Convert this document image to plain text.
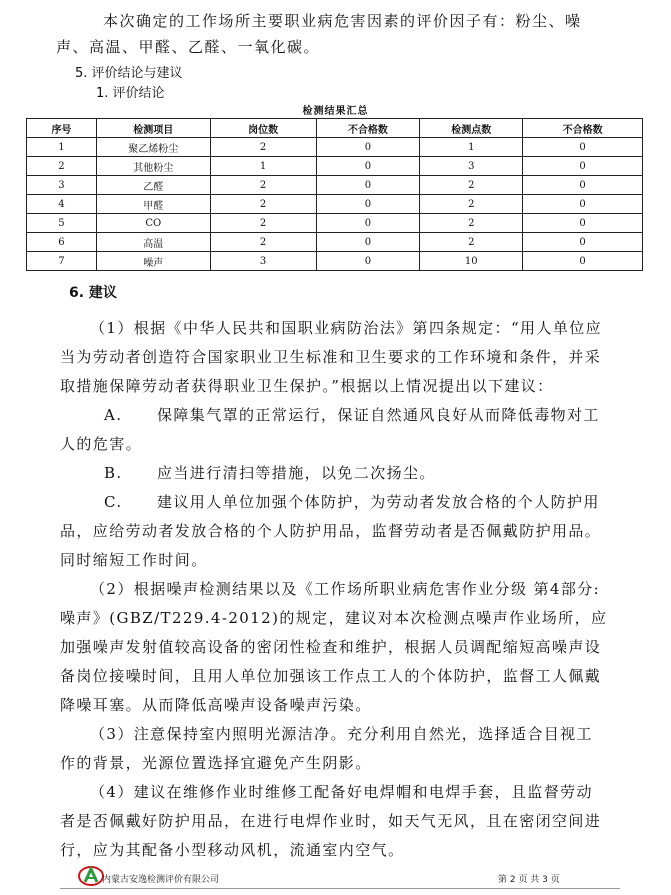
本次确定的工作场所主要职业病危害因素的评价因子有：粉尘、噪声、高温、甲醛、乙醛、一氧化碳。

5. 评价结论与建议
1. 评价结论
检测结果汇总
序号	检测项目	岗位数	不合格数	检测点数	不合格数
1	聚乙烯粉尘	2	0	1	0
2	其他粉尘	1	0	3	0
3	乙醛	2	0	2	0
4	甲醛	2	0	2	0
5	CO	2	0	2	0
6	高温	2	0	2	0
7	噪声	3	0	10	0
6. 建议

（1）根据《中华人民共和国职业病防治法》第四条规定：“用人单位应当为劳动者创造符合国家职业卫生标准和卫生要求的工作环境和条件，并采取措施保障劳动者获得职业卫生保护。”根据以上情况提出以下建议：

A. 保障集气罩的正常运行，保证自然通风良好从而降低毒物对工人的危害。

B. 应当进行清扫等措施，以免二次扬尘。

C. 建议用人单位加强个体防护，为劳动者发放合格的个人防护用品，应给劳动者发放合格的个人防护用品，监督劳动者是否佩戴防护用品。同时缩短工作时间。

（2）根据噪声检测结果以及《工作场所职业病危害作业分级 第4部分:噪声》(GBZ/T229.4-2012)的规定，建议对本次检测点噪声作业场所，应加强噪声发射值较高设备的密闭性检查和维护，根据人员调配缩短高噪声设备岗位接噪时间，且用人单位加强该工作点工人的个体防护，监督工人佩戴降噪耳塞。从而降低高噪声设备噪声污染。

（3）注意保持室内照明光源洁净。充分利用自然光，选择适合目视工作的背景，光源位置选择宜避免产生阴影。

（4）建议在维修作业时维修工配备好电焊帽和电焊手套，且监督劳动者是否佩戴好防护用品，在进行电焊作业时，如天气无风，且在密闭空间进行，应为其配备小型移动风机，流通室内空气。

内蒙古安逸检测评价有限公司	第 2 页 共 3 页
